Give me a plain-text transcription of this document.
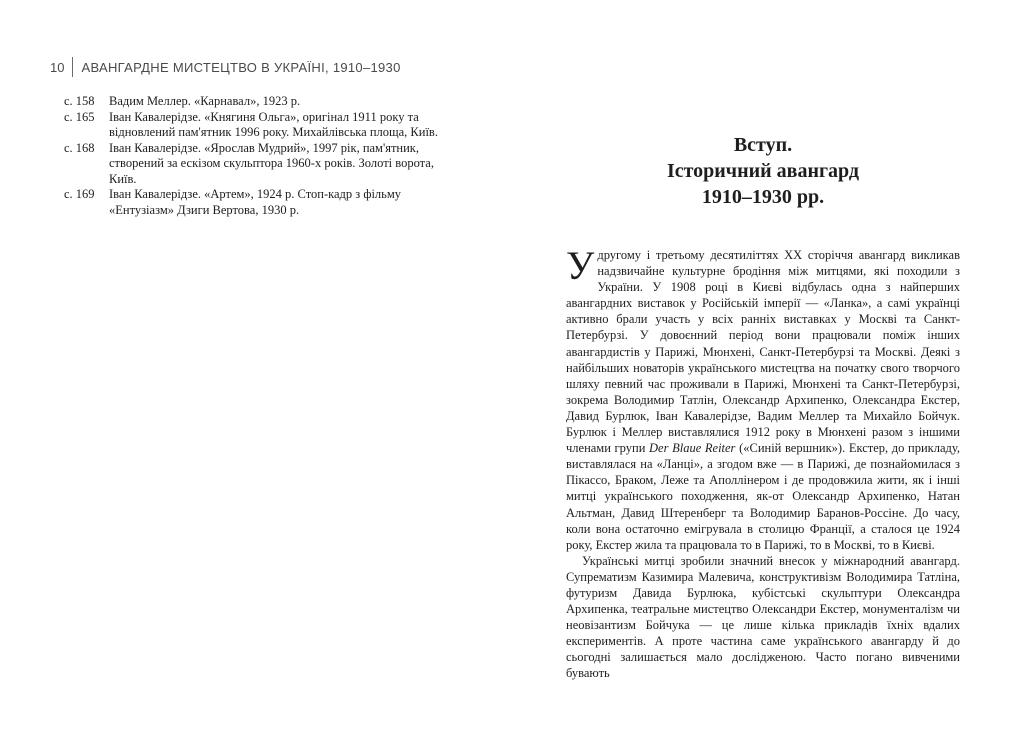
10 АВАНГАРДНЕ МИСТЕЦТВО В УКРАЇНІ, 1910–1930
с. 158	Вадим Меллер. «Карнавал», 1923 р.
с. 165	Іван Кавалерідзе. «Княгиня Ольга», оригінал 1911 року та відновлений пам'ятник 1996 року. Михайлівська площа, Київ.
с. 168	Іван Кавалерідзе. «Ярослав Мудрий», 1997 рік, пам'ятник, створений за ескізом скульптора 1960-х років. Золоті ворота, Київ.
с. 169	Іван Кавалерідзе. «Артем», 1924 р. Стоп-кадр з фільму «Ентузіазм» Дзиги Вертова, 1930 р.
Вступ.
Історичний авангард
1910–1930 рр.

У другому і третьому десятиліттях XX сторіччя авангард викликав надзвичайне культурне бродіння між митцями, які походили з України. У 1908 році в Києві відбулась одна з найперших авангардних виставок у Російській імперії — «Ланка», а самі українці активно брали участь у всіх ранніх виставках у Москві та Санкт-Петербурзі. У довоєнний період вони працювали поміж інших авангардистів у Парижі, Мюнхені, Санкт-Петербурзі та Москві. Деякі з найбільших новаторів українського мистецтва на початку свого творчого шляху певний час проживали в Парижі, Мюнхені та Санкт-Петербурзі, зокрема Володимир Татлін, Олександр Архипенко, Олександра Екстер, Давид Бурлюк, Іван Кавалерідзе, Вадим Меллер та Михайло Бойчук. Бурлюк і Меллер виставлялися 1912 року в Мюнхені разом з іншими членами групи Der Blaue Reiter («Синій вершник»). Екстер, до прикладу, виставлялася на «Ланці», а згодом вже — в Парижі, де познайомилася з Пікассо, Браком, Леже та Аполлінером і де продовжила жити, як і інші митці українського походження, як-от Олександр Архипенко, Натан Альтман, Давид Штеренберг та Володимир Баранов-Россіне. До часу, коли вона остаточно емігрувала в столицю Франції, а сталося це 1924 року, Екстер жила та працювала то в Парижі, то в Москві, то в Києві.

Українські митці зробили значний внесок у міжнародний авангард. Супрематизм Казимира Малевича, конструктивізм Володимира Татліна, футуризм Давида Бурлюка, кубістські скульптури Олександра Архипенка, театральне мистецтво Олександри Екстер, монументалізм чи неовізантизм Бойчука — це лише кілька прикладів їхніх вдалих експериментів. А проте частина саме українського авангарду й до сьогодні залишається мало дослідженою. Часто погано вивченими бувають
